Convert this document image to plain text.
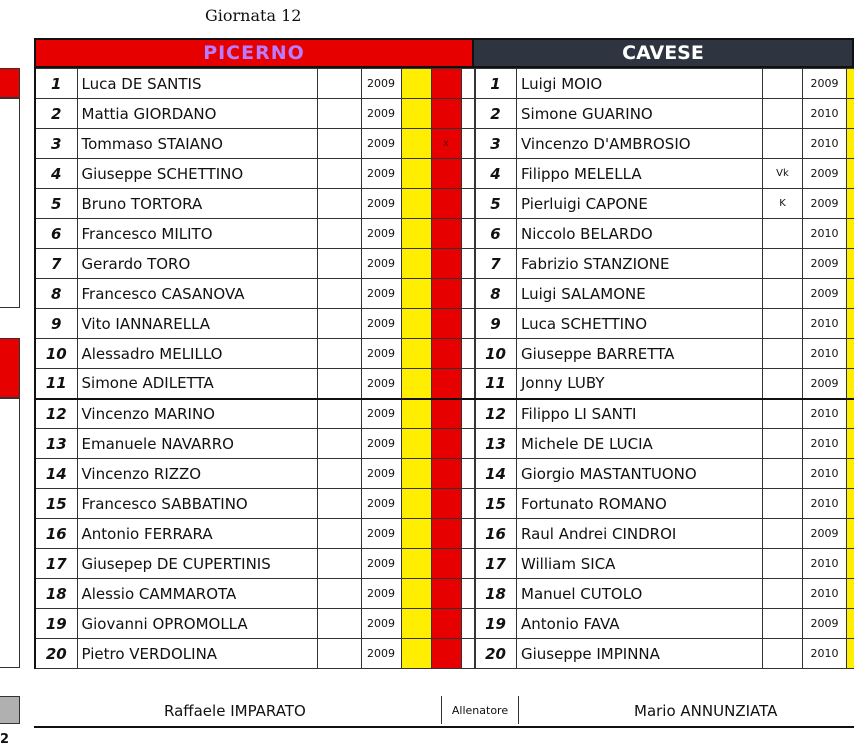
Giornata 12
PICERNO	CAVESE
1	Luca DE SANTIS		2009			
2	Mattia GIORDANO		2009			
3	Tommaso STAIANO		2009		x	
4	Giuseppe SCHETTINO		2009			
5	Bruno TORTORA		2009			
6	Francesco MILITO		2009			
7	Gerardo TORO		2009			
8	Francesco CASANOVA		2009			
9	Vito IANNARELLA		2009			
10	Alessadro MELILLO		2009			
11	Simone ADILETTA		2009			
12	Vincenzo MARINO		2009			
13	Emanuele NAVARRO		2009			
14	Vincenzo RIZZO		2009			
15	Francesco SABBATINO		2009			
16	Antonio FERRARA		2009			
17	Giusepep DE CUPERTINIS		2009			
18	Alessio CAMMAROTA		2009			
19	Giovanni OPROMOLLA		2009			
20	Pietro VERDOLINA		2009			
1	Luigi MOIO		2009	
2	Simone GUARINO		2010	
3	Vincenzo D'AMBROSIO		2010	
4	Filippo MELELLA	Vk	2009	
5	Pierluigi CAPONE	K	2009	
6	Niccolo BELARDO		2010	
7	Fabrizio STANZIONE		2009	
8	Luigi SALAMONE		2009	
9	Luca SCHETTINO		2010	
10	Giuseppe BARRETTA		2010	
11	Jonny LUBY		2009	
12	Filippo LI SANTI		2010	
13	Michele DE LUCIA		2010	
14	Giorgio MASTANTUONO		2010	
15	Fortunato ROMANO		2010	
16	Raul Andrei CINDROI		2009	
17	William SICA		2010	
18	Manuel CUTOLO		2010	
19	Antonio FAVA		2009	
20	Giuseppe IMPINNA		2010	
Raffaele IMPARATO	Allenatore	Mario ANNUNZIATA
2
